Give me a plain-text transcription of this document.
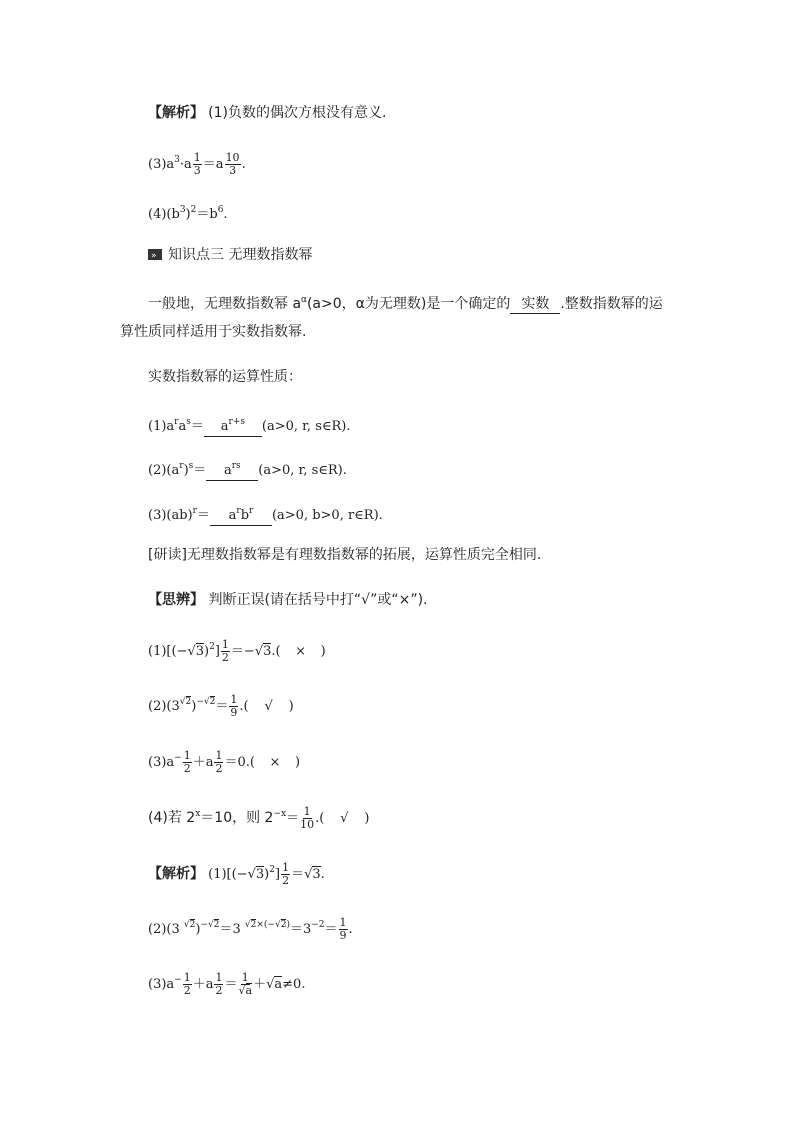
【解析】 (1)负数的偶次方根没有意义.
$(3)a^3\cdot a \frac{1}{3} =a \frac{10}{3}$ .
$(4)(b^3)^2=b^6$.
»知识点三 无理数指数幂
一般地，无理数指数幂 $a^\alpha(a>0$，α为无理数)是一个确定的 实数 .整数指数幂的运
算性质同样适用于实数指数幂.
实数指数幂的运算性质：
$(1)a^ra^s= a^{r+s}$ (a>0, r, s∈R).
$(2)(a^r)^s= a^{rs}$ (a>0, r, s∈R).
$(3)(ab)^r= a^rb^r$ (a>0, b>0, r∈R).
[研读]无理数指数幂是有理数指数幂的拓展，运算性质完全相同.
【思辨】 判断正误(请在括号中打“√”或“×”).
$(1)[(-√3)^2] \frac{1}{2} =-√3$.( × )
$(2)(3^{√2})^{-√2}= \frac{1}{9}$ .( √ )
$(3)a^- \frac{1}{2} +a \frac{1}{2} =0$.( × )
(4)若 $2^x=10$，则 $2^{-x}= \frac{1}{10}$ .( √ )
【解析】 $(1)[(-√3)^2] \frac{1}{2} =√3$.
(2)(3 $^{√2}$)$^{-√2}$＝3 $^{√2\times(-√2)}=3^{-2}= \frac{1}{9}$ .
$(3)a^- \frac{1}{2} +a \frac{1}{2} = \frac{1}{√a} +√a\ne 0$.
